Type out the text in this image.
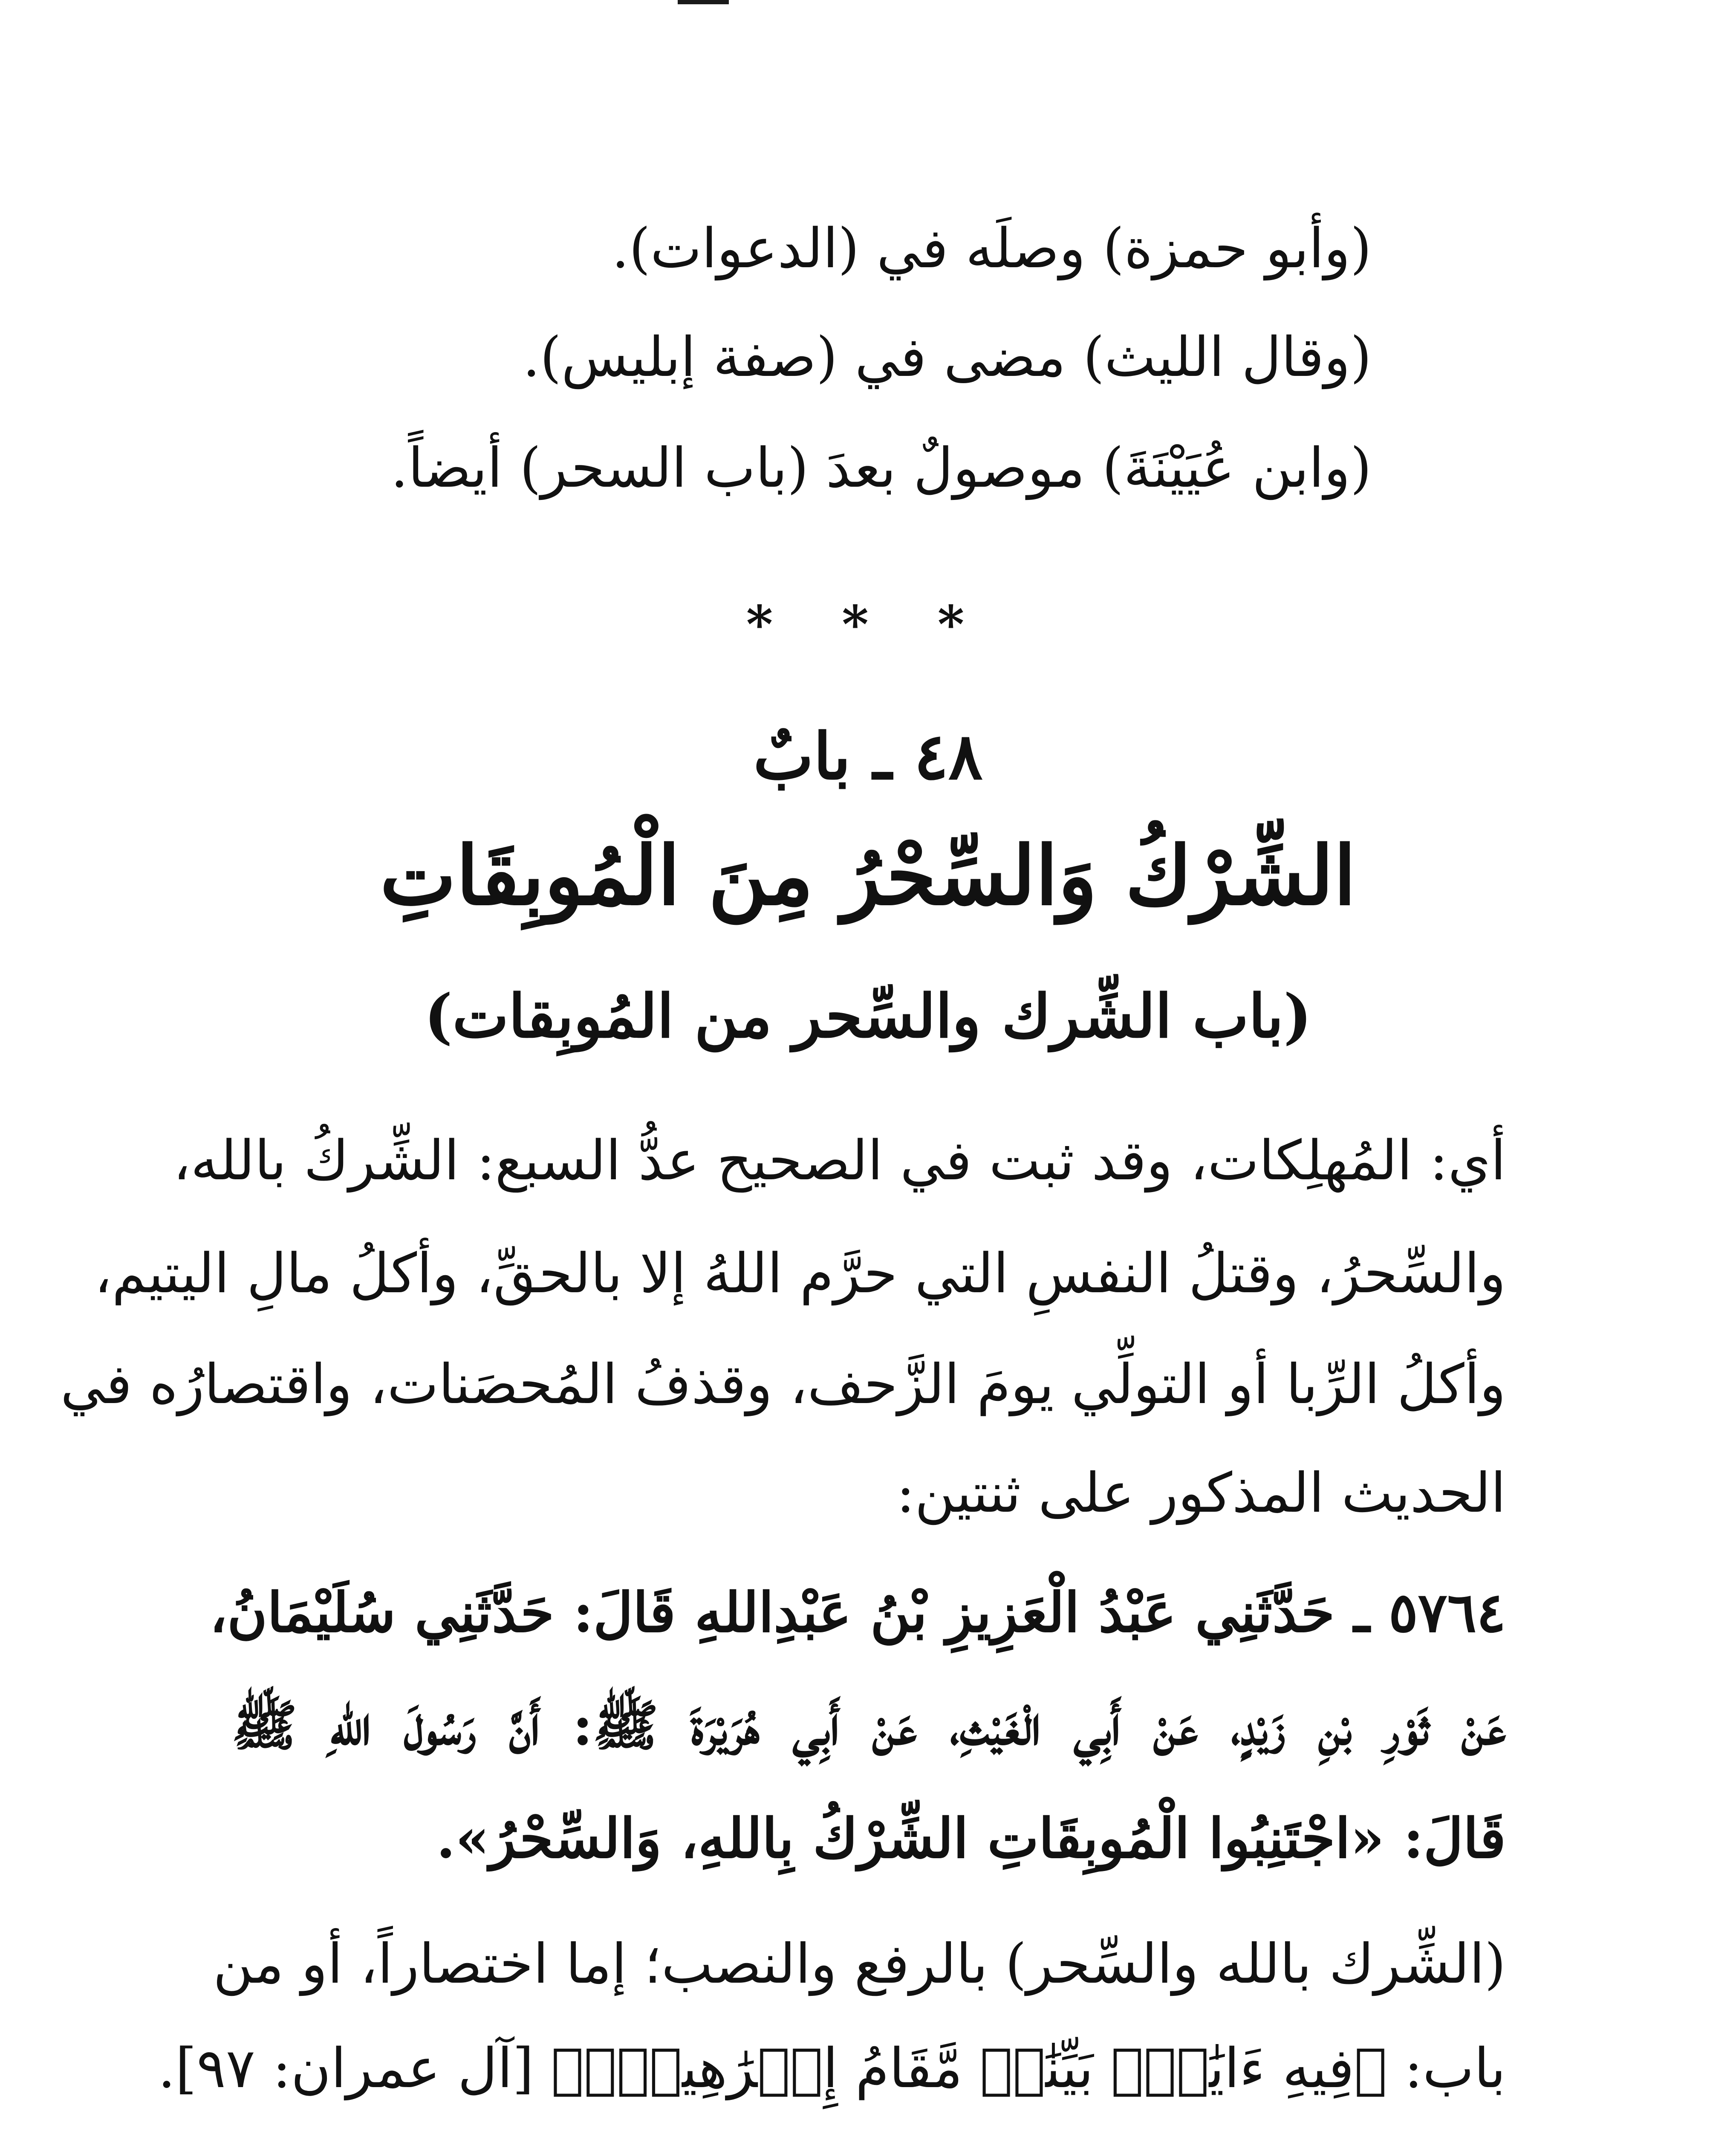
(وأبو حمزة) وصلَه في (الدعوات).
(وقال الليث) مضى في (صفة إبليس).
(وابن عُيَيْنَةَ) موصولٌ بعدَ (باب السحر) أيضاً.
* * *
٤٨ ـ بابٌ
الشِّرْكُ وَالسِّحْرُ مِنَ الْمُوبِقَاتِ
(باب الشِّرك والسِّحر من المُوبِقات)
أي: المُهلِكات، وقد ثبت في الصحيح عدُّ السبع: الشِّركُ بالله،
والسِّحرُ، وقتلُ النفسِ التي حرَّم اللهُ إلا بالحقِّ، وأكلُ مالِ اليتيم،
وأكلُ الرِّبا أو التولِّي يومَ الزَّحف، وقذفُ المُحصَنات، واقتصارُه في
الحديث المذكور على ثنتين:
٥٧٦٤ ـ حَدَّثَنِي عَبْدُ الْعَزِيزِ بْنُ عَبْدِاللهِ قَالَ: حَدَّثَنِي سُلَيْمَانُ،
عَنْ ثَوْرِ بْنِ زَيْدٍ، عَنْ أَبِي الْغَيْثِ، عَنْ أَبِي هُرَيْرَةَ ﷺ: أَنَّ رَسُولَ اللهِ ﷺ
قَالَ: «اجْتَنِبُوا الْمُوبِقَاتِ الشِّرْكُ بِاللهِ، وَالسِّحْرُ».
(الشِّرك بالله والسِّحر) بالرفع والنصب؛ إما اختصاراً، أو من
باب: ﴿فِيهِ ءَايَٰتُۢ بَيِّنَٰتٞ مَّقَامُ إِبۡرَٰهِيمَۖ﴾ [آل عمران: ٩٧].
